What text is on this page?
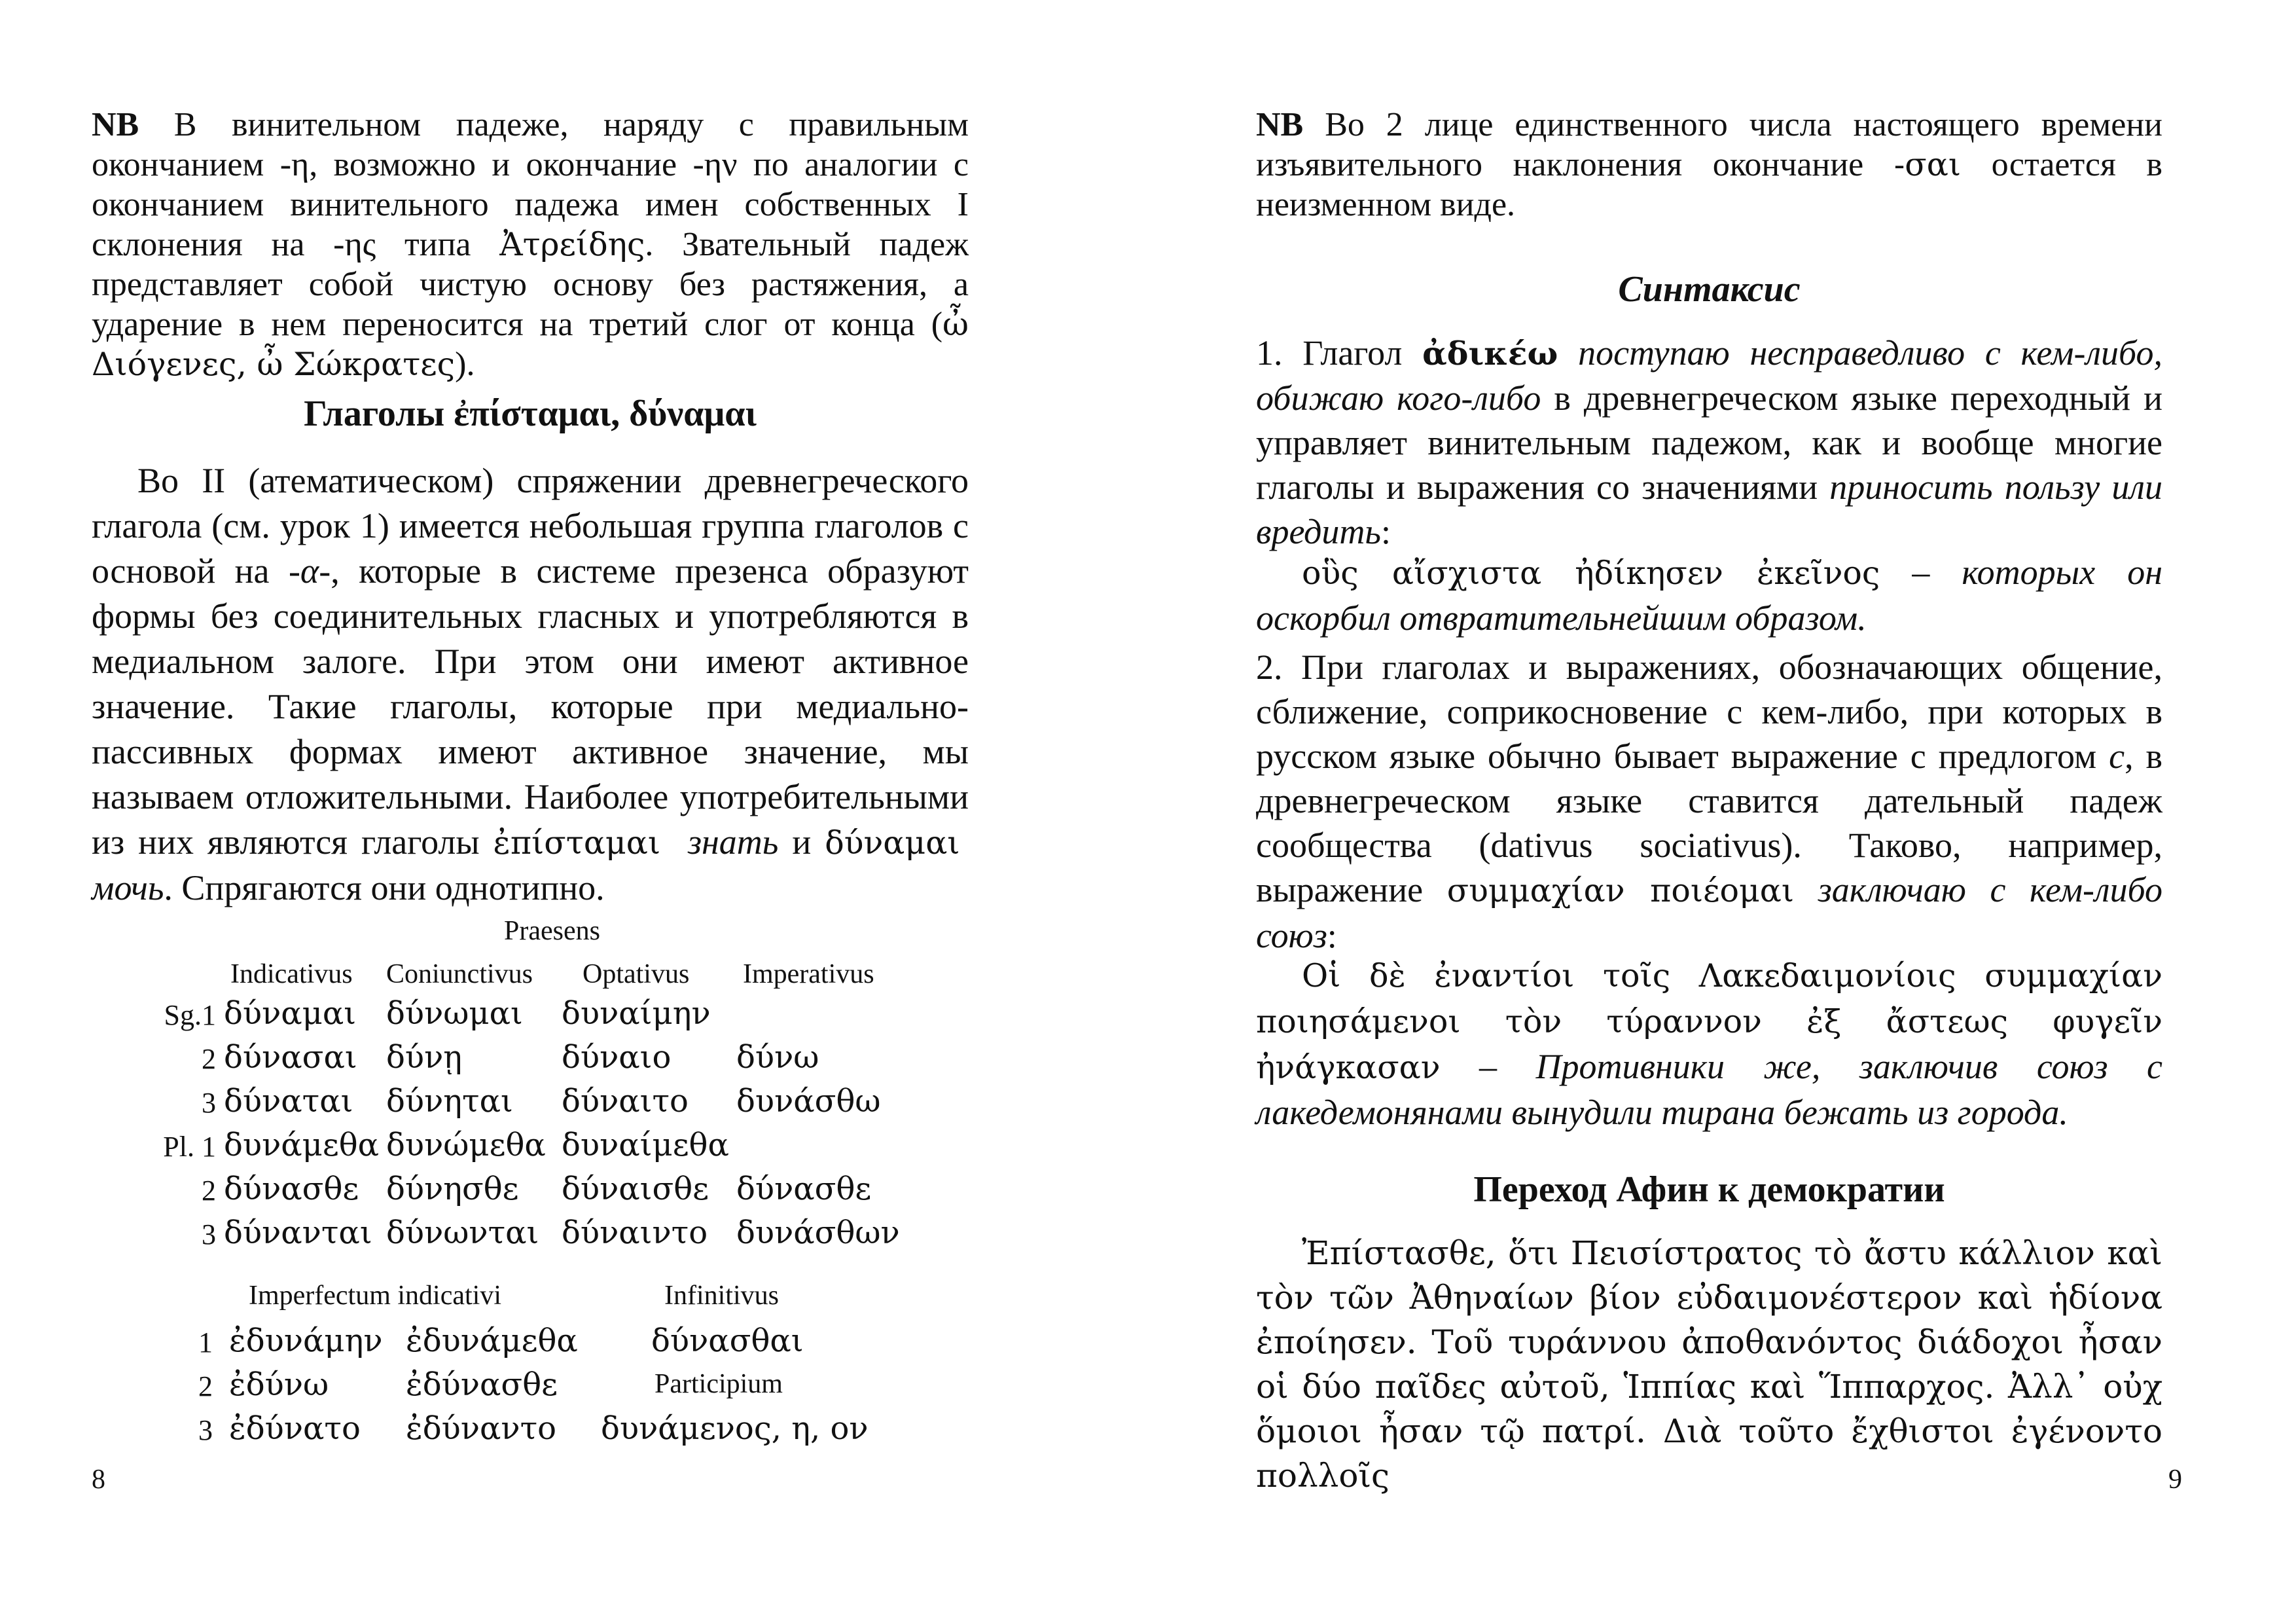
NB В винительном падеже, наряду с правильным окончанием -η, возможно и окончание -ην по аналогии с окончанием винительного падежа имен собственных I склонения на -ης типа Ἀτρείδης. Звательный падеж представляет собой чистую основу без растяжения, а ударение в нем переносится на третий слог от конца (ὦ Διόγενες, ὦ Σώκρατες).
Глаголы ἐπίσταμαι, δύναμαι
Во II (атематическом) спряжении древнегреческого глагола (см. урок 1) имеется небольшая группа глаголов с основой на -α-, которые в системе презенса образуют формы без соединительных гласных и употребляются в медиальном залоге. При этом они имеют активное значение. Такие глаголы, которые при медиально-пассивных формах имеют активное значение, мы называем отложительными. Наиболее употребительными из них являются глаголы ἐπίσταμαι знать и δύναμαι  мочь. Спрягаются они однотипно.
Praesens
Indicativus Coniunctivus Optativus Imperativus
Sg.1 δύναμαι δύνωμαι δυναίμην
2 δύνασαι δύνῃ	δύναιο δύνω
3 δύναται δύνηται δύναιτο δυνάσθω
Pl. 1 δυνάμεθα δυνώμεθα δυναίμεθα
2 δύνασθε δύνησθε δύναισθε δύνασθε
3 δύνανται δύνωνται δύναιντο δυνάσθων
Imperfectum indicativi	Infinitivus
1 ἐδυνάμην ἐδυνάμεθα δύνασθαι
2 ἐδύνω ἐδύνασθε	Participium
3 ἐδύνατο ἐδύναντο δυνάμενος, η, ον
8
NB Во 2 лице единственного числа настоящего времени изъявительного наклонения окончание -σαι остается в неизменном виде.
Синтаксис
1. Глагол ἀδικέω поступаю несправедливо с кем-либо, обижаю кого-либо в древнегреческом языке переходный и управляет винительным падежом, как и вообще многие глаголы и выражения со значениями приносить пользу или вредить:
οὓς αἴσχιστα ἠδίκησεν ἐκεῖνος – которых он оскорбил отвратительнейшим образом.
2. При глаголах и выражениях, обозначающих общение, сближение, соприкосновение с кем-либо, при которых в русском языке обычно бывает выражение с предлогом с, в древнегреческом языке ставится дательный падеж сообщества (dativus sociativus). Таково, например, выражение συμμαχίαν ποιέομαι заключаю с кем-либо союз:
Οἱ δὲ ἐναντίοι τοῖς Λακεδαιμονίοις συμμαχίαν ποιησάμενοι τὸν τύραννον ἐξ ἄστεως φυγεῖν ἠνάγκασαν – Противники же, заключив союз с лакедемонянами вынудили тирана бежать из города.
Переход Афин к демократии
Ἐπίστασθε, ὅτι Πεισίστρατος τὸ ἄστυ κάλλιον καὶ τὸν τῶν Ἀθηναίων βίον εὐδαιμονέστερον καὶ ἡδίονα ἐποίησεν. Τοῦ τυράννου ἀποθανόντος διάδοχοι ἦσαν οἱ δύο παῖδες αὐτοῦ, Ἱππίας καὶ Ἵππαρχος. Ἀλλ᾽ οὐχ ὅμοιοι ἦσαν τῷ πατρί. Διὰ τοῦτο ἔχθιστοι ἐγένοντο πολλοῖς	9
